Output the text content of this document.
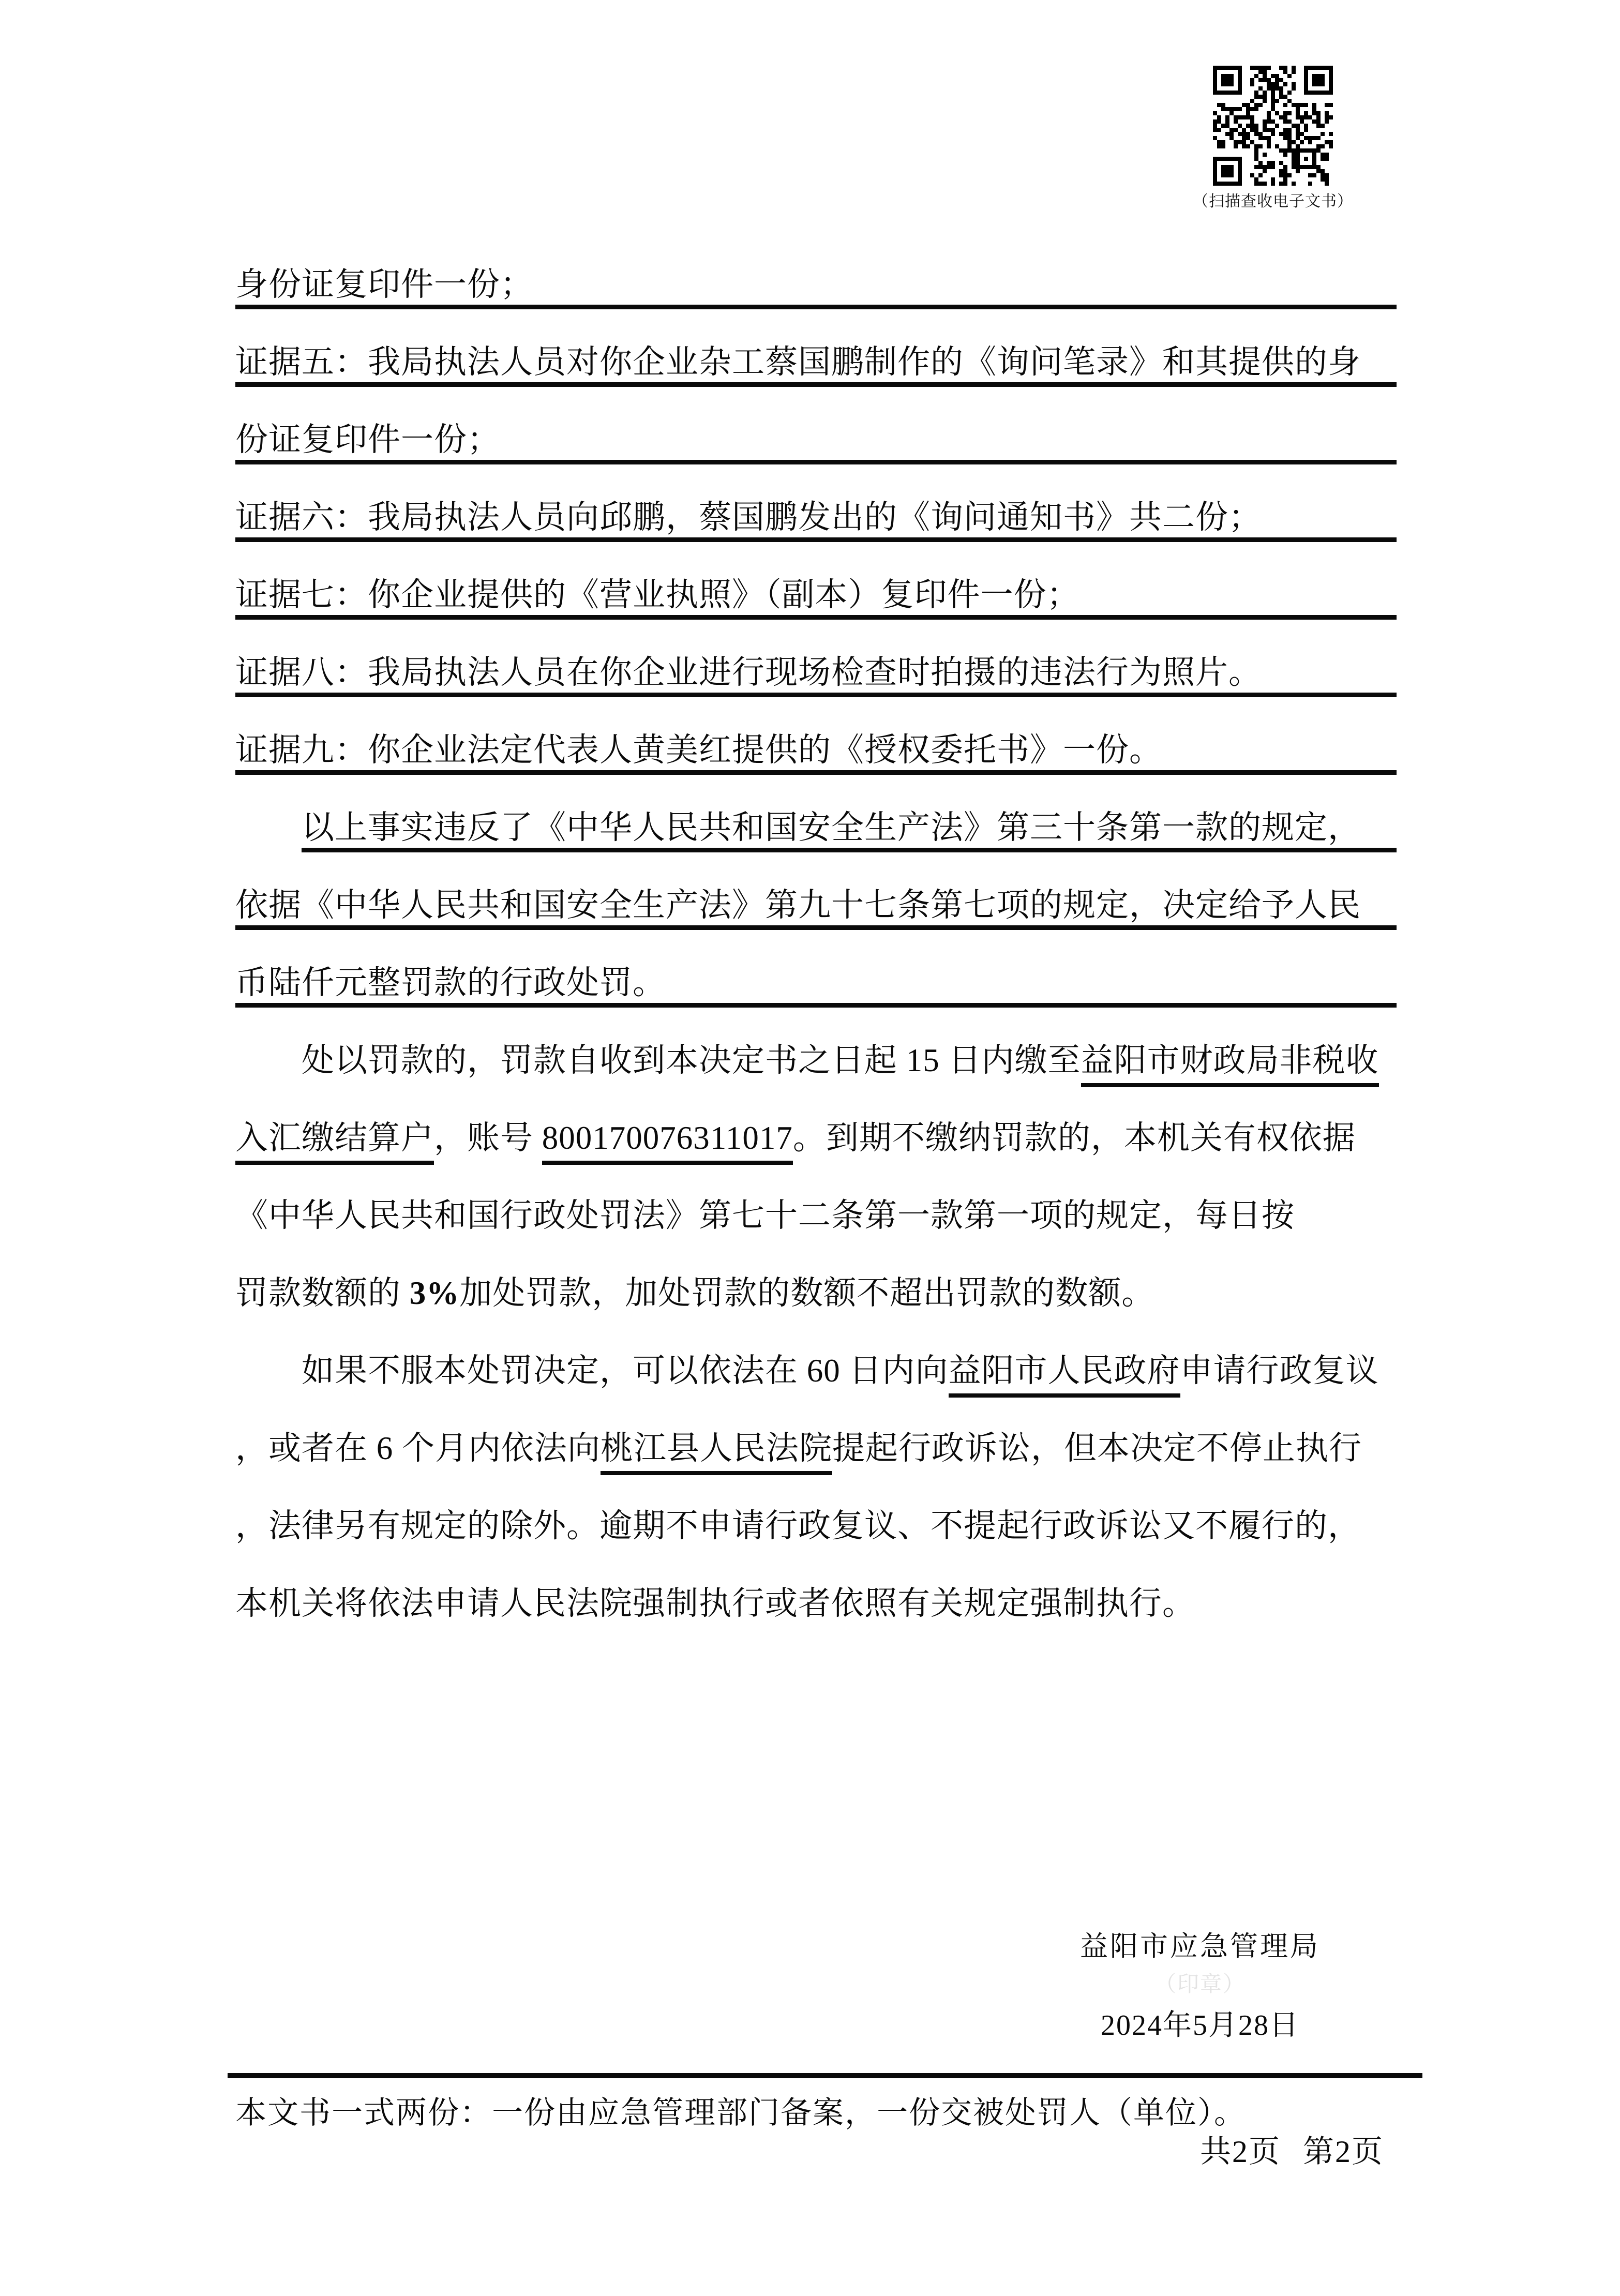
（扫描查收电子文书）
身份证复印件一份；
证据五：我局执法人员对你企业杂工蔡国鹏制作的《询问笔录》和其提供的身
份证复印件一份；
证据六：我局执法人员向邱鹏，蔡国鹏发出的《询问通知书》共二份；
证据七：你企业提供的《营业执照》（副本）复印件一份；
证据八：我局执法人员在你企业进行现场检查时拍摄的违法行为照片。
证据九：你企业法定代表人黄美红提供的《授权委托书》一份。
以上事实违反了《中华人民共和国安全生产法》第三十条第一款的规定，
依据《中华人民共和国安全生产法》第九十七条第七项的规定，决定给予人民
币陆仟元整罚款的行政处罚。
处以罚款的，罚款自收到本决定书之日起 15 日内缴至益阳市财政局非税收
入汇缴结算户，账号 800170076311017。到期不缴纳罚款的，本机关有权依据
《中华人民共和国行政处罚法》第七十二条第一款第一项的规定，每日按
罚款数额的 3%加处罚款，加处罚款的数额不超出罚款的数额。
如果不服本处罚决定，可以依法在 60 日内向益阳市人民政府申请行政复议
，或者在 6 个月内依法向桃江县人民法院提起行政诉讼，但本决定不停止执行
，法律另有规定的除外。逾期不申请行政复议、不提起行政诉讼又不履行的，
本机关将依法申请人民法院强制执行或者依照有关规定强制执行。
益阳市应急管理局
（印章）
2024年5月28日
本文书一式两份：一份由应急管理部门备案，一份交被处罚人（单位）。
共2页 第2页
